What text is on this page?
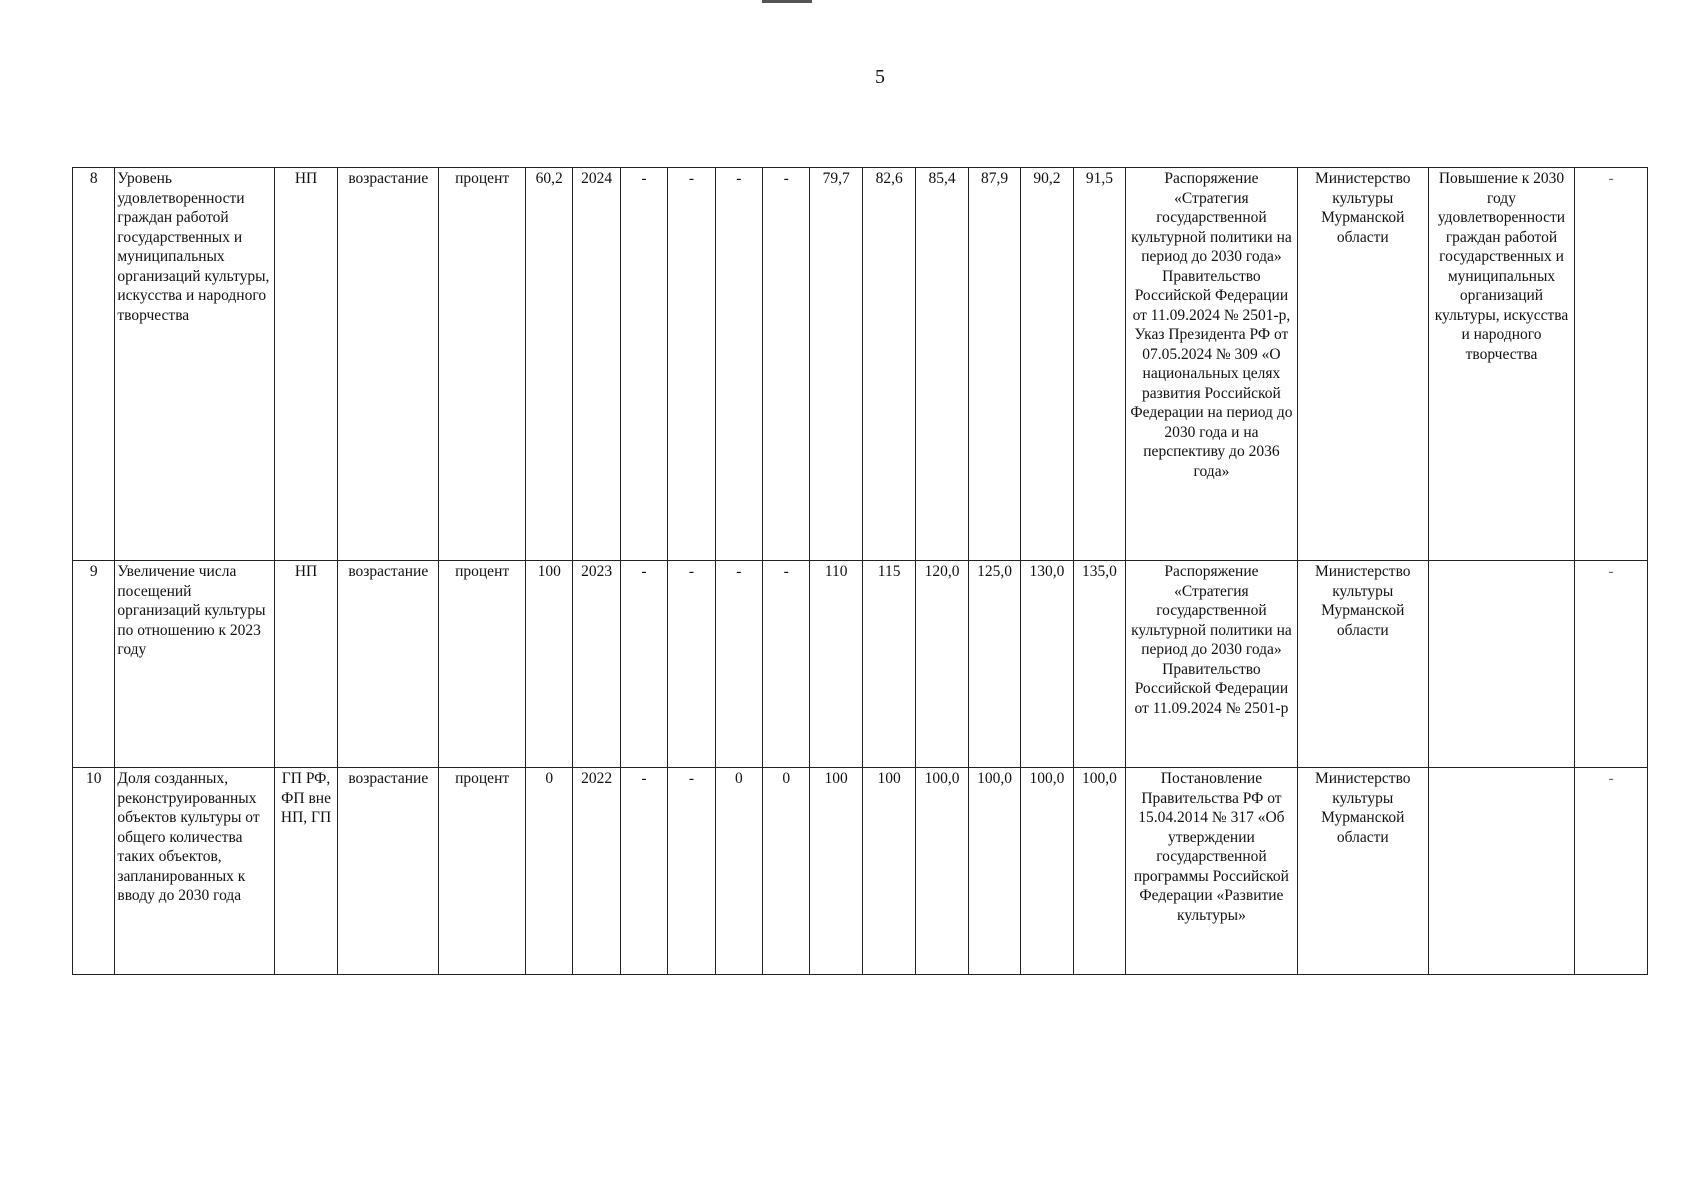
5
8	Уровень удовлетворенности граждан работой государственных и муниципальных организаций культуры, искусства и народного творчества	НП	возрастание	процент	60,2	2024	-	-	-	-	79,7	82,6	85,4	87,9	90,2	91,5	Распоряжение «Стратегия государственной культурной политики на период до 2030 года» Правительство Российской Федерации от 11.09.2024 № 2501-р, Указ Президента РФ от 07.05.2024 № 309 «О национальных целях развития Российской Федерации на период до 2030 года и на перспективу до 2036 года»	Министерство культуры Мурманской области	Повышение к 2030 году удовлетворенности граждан работой государственных и муниципальных организаций культуры, искусства и народного творчества	-
9	Увеличение числа посещений организаций культуры по отношению к 2023 году	НП	возрастание	процент	100	2023	-	-	-	-	110	115	120,0	125,0	130,0	135,0	Распоряжение «Стратегия государственной культурной политики на период до 2030 года» Правительство Российской Федерации от 11.09.2024 № 2501-р	Министерство культуры Мурманской области		-
10	Доля созданных, реконструированных объектов культуры от общего количества таких объектов, запланированных к вводу до 2030 года	ГП РФ, ФП вне НП, ГП	возрастание	процент	0	2022	-	-	0	0	100	100	100,0	100,0	100,0	100,0	Постановление Правительства РФ от 15.04.2014 № 317 «Об утверждении государственной программы Российской Федерации «Развитие культуры»	Министерство культуры Мурманской области		-
